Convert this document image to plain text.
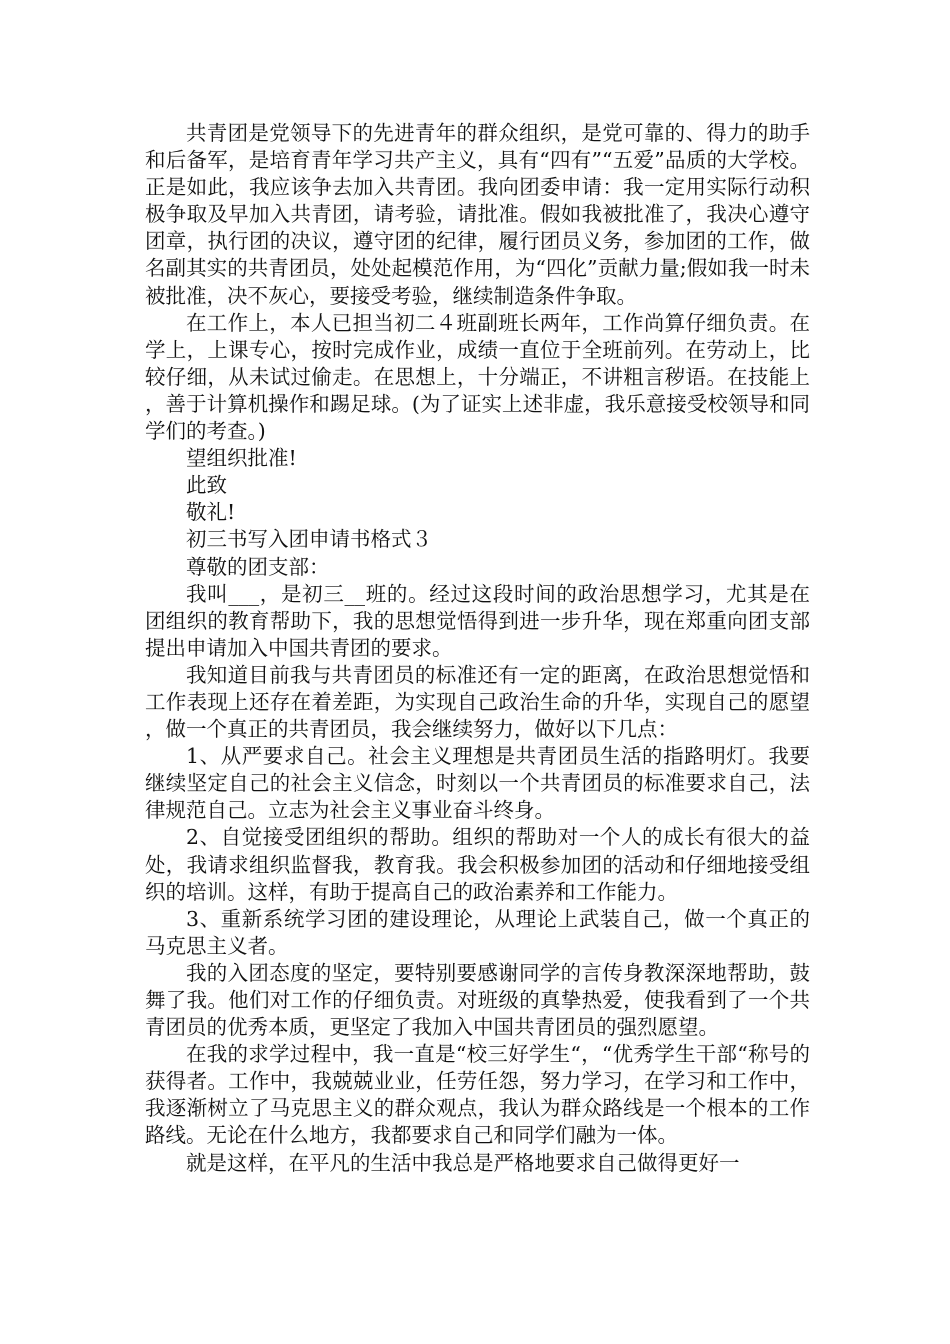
共青团是党领导下的先进青年的群众组织，是党可靠的、得力的助手和后备军，是培育青年学习共产主义，具有“四有”“五爱”品质的大学校。正是如此，我应该争去加入共青团。我向团委申请：我一定用实际行动积极争取及早加入共青团，请考验，请批准。假如我被批准了，我决心遵守团章，执行团的决议，遵守团的纪律，履行团员义务，参加团的工作，做名副其实的共青团员，处处起模范作用，为“四化”贡献力量;假如我一时未被批准，决不灰心，要接受考验，继续制造条件争取。

在工作上，本人已担当初二４班副班长两年，工作尚算仔细负责。在学上，上课专心，按时完成作业，成绩一直位于全班前列。在劳动上，比较仔细，从未试过偷走。在思想上，十分端正，不讲粗言秽语。在技能上，善于计算机操作和踢足球。(为了证实上述非虚，我乐意接受校领导和同学们的考查。)

望组织批准!

此致

敬礼!

初三书写入团申请书格式３

尊敬的团支部：

我叫___，是初三__班的。经过这段时间的政治思想学习，尤其是在团组织的教育帮助下，我的思想觉悟得到进一步升华，现在郑重向团支部提出申请加入中国共青团的要求。

我知道目前我与共青团员的标准还有一定的距离，在政治思想觉悟和工作表现上还存在着差距，为实现自己政治生命的升华，实现自己的愿望，做一个真正的共青团员，我会继续努力，做好以下几点：

1、从严要求自己。社会主义理想是共青团员生活的指路明灯。我要继续坚定自己的社会主义信念，时刻以一个共青团员的标准要求自己，法律规范自己。立志为社会主义事业奋斗终身。

2、自觉接受团组织的帮助。组织的帮助对一个人的成长有很大的益处，我请求组织监督我，教育我。我会积极参加团的活动和仔细地接受组织的培训。这样，有助于提高自己的政治素养和工作能力。

3、重新系统学习团的建设理论，从理论上武装自己，做一个真正的马克思主义者。

我的入团态度的坚定，要特别要感谢同学的言传身教深深地帮助，鼓舞了我。他们对工作的仔细负责。对班级的真挚热爱，使我看到了一个共青团员的优秀本质，更坚定了我加入中国共青团员的强烈愿望。

在我的求学过程中，我一直是“校三好学生“，“优秀学生干部“称号的获得者。工作中，我兢兢业业，任劳任怨，努力学习，在学习和工作中，我逐渐树立了马克思主义的群众观点，我认为群众路线是一个根本的工作路线。无论在什么地方，我都要求自己和同学们融为一体。

就是这样，在平凡的生活中我总是严格地要求自己做得更好一
